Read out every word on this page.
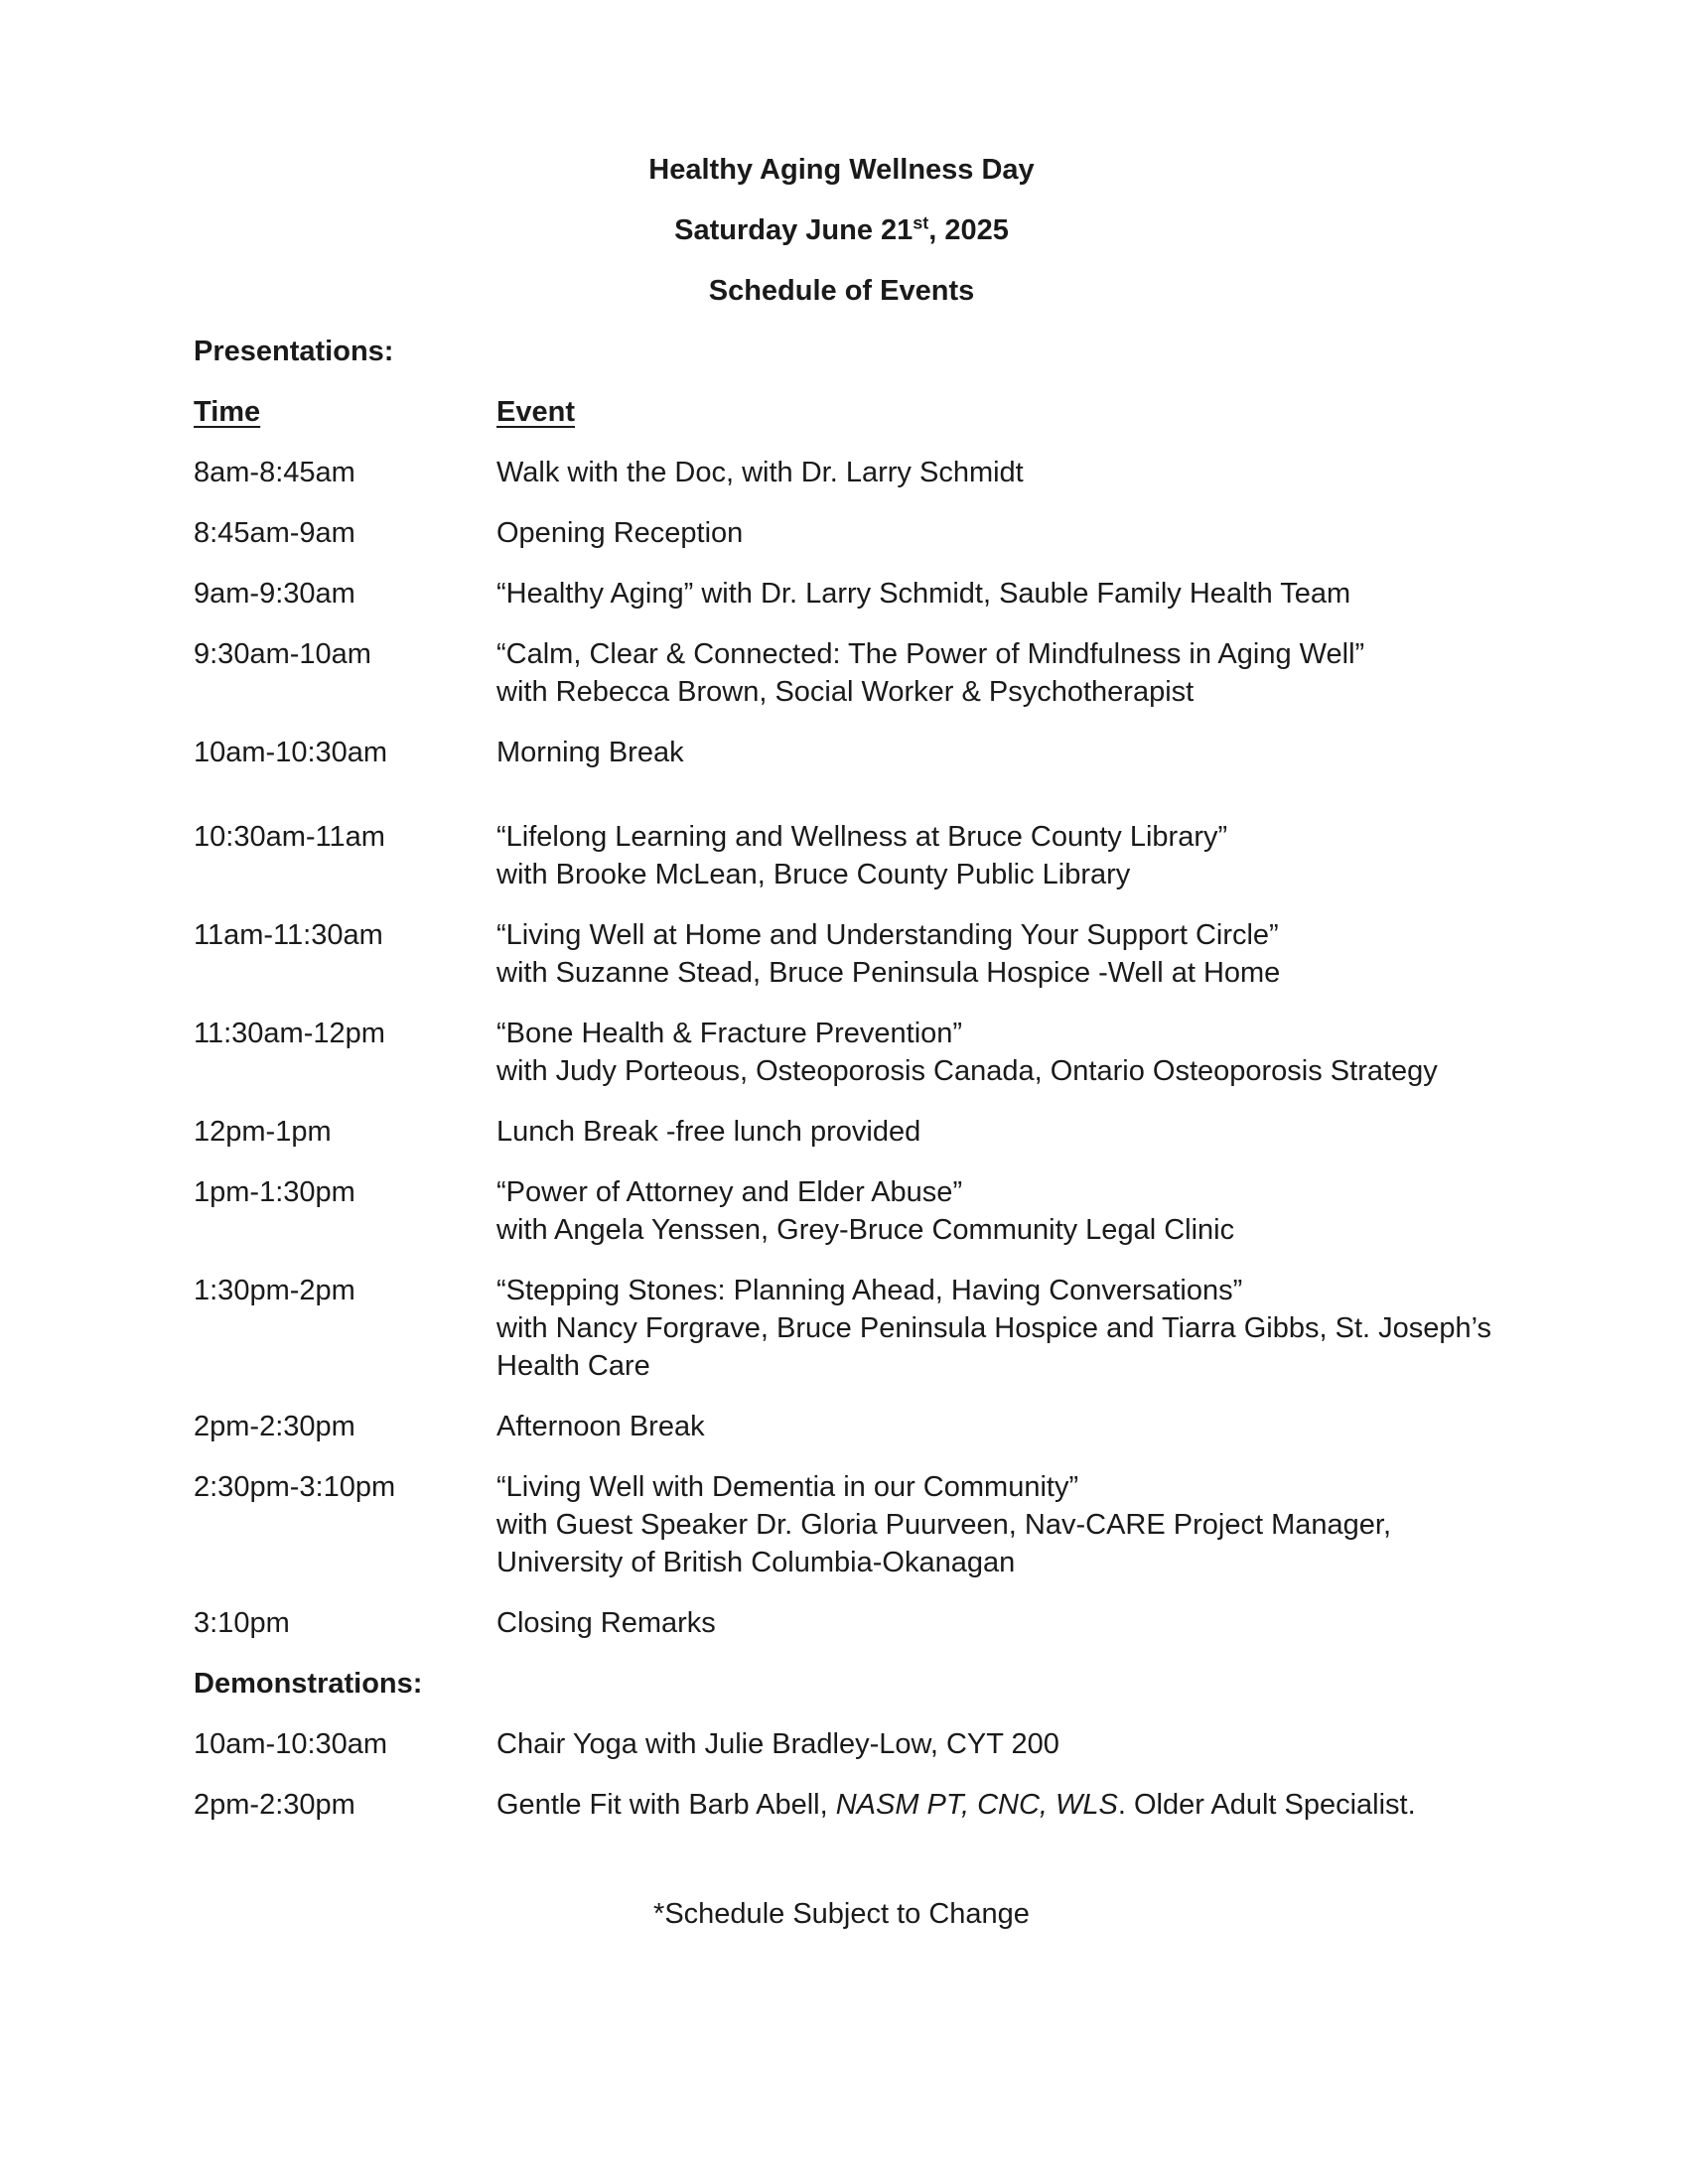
Healthy Aging Wellness Day
Saturday June 21st, 2025
Schedule of Events
Presentations:
Time	Event
8am-8:45am	Walk with the Doc, with Dr. Larry Schmidt
8:45am-9am	Opening Reception
9am-9:30am	“Healthy Aging” with Dr. Larry Schmidt, Sauble Family Health Team
9:30am-10am	“Calm, Clear & Connected: The Power of Mindfulness in Aging Well”
with Rebecca Brown, Social Worker & Psychotherapist
10am-10:30am	Morning Break
10:30am-11am	“Lifelong Learning and Wellness at Bruce County Library”
with Brooke McLean, Bruce County Public Library
11am-11:30am	“Living Well at Home and Understanding Your Support Circle”
with Suzanne Stead, Bruce Peninsula Hospice -Well at Home
11:30am-12pm	“Bone Health & Fracture Prevention”
with Judy Porteous, Osteoporosis Canada, Ontario Osteoporosis Strategy
12pm-1pm	Lunch Break -free lunch provided
1pm-1:30pm	“Power of Attorney and Elder Abuse”
with Angela Yenssen, Grey-Bruce Community Legal Clinic
1:30pm-2pm	“Stepping Stones: Planning Ahead, Having Conversations”
with Nancy Forgrave, Bruce Peninsula Hospice and Tiarra Gibbs, St. Joseph’s
Health Care
2pm-2:30pm	Afternoon Break
2:30pm-3:10pm	“Living Well with Dementia in our Community”
with Guest Speaker Dr. Gloria Puurveen, Nav-CARE Project Manager,
University of British Columbia-Okanagan
3:10pm	Closing Remarks
Demonstrations:
10am-10:30am	Chair Yoga with Julie Bradley-Low, CYT 200
2pm-2:30pm	Gentle Fit with Barb Abell, NASM PT, CNC, WLS. Older Adult Specialist.
*Schedule Subject to Change
